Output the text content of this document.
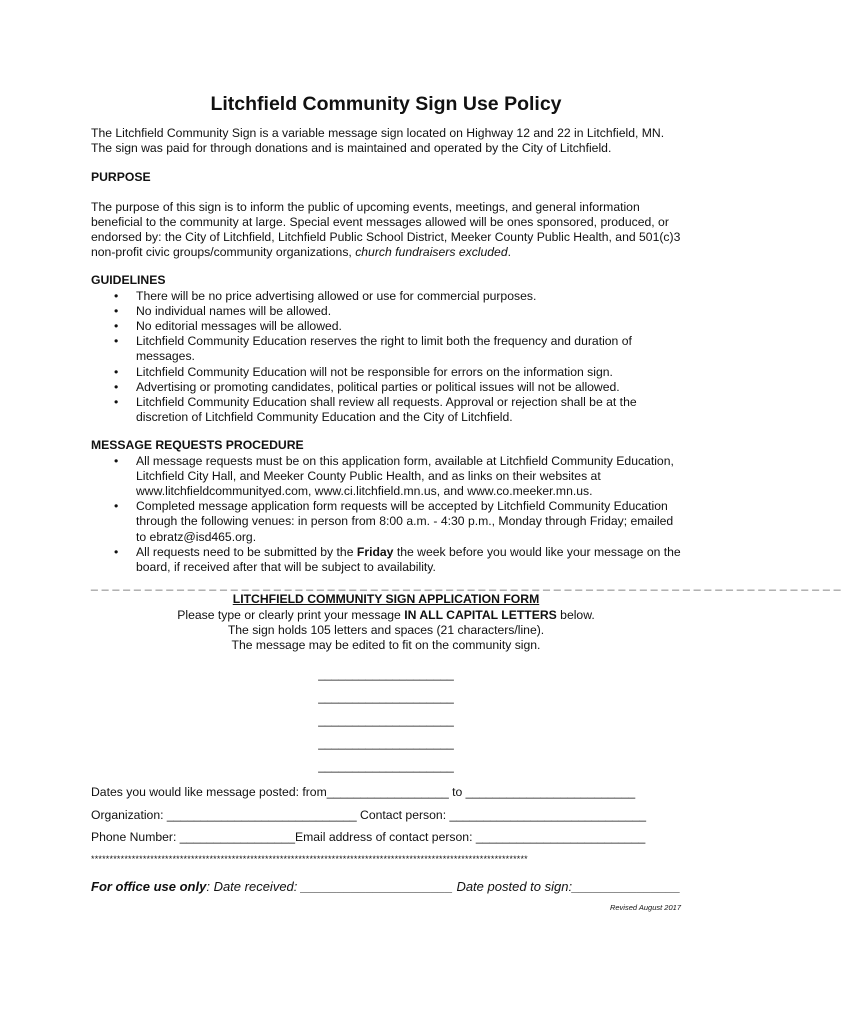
Litchfield Community Sign Use Policy

The Litchfield Community Sign is a variable message sign located on Highway 12 and 22 in Litchfield, MN. The sign was paid for through donations and is maintained and operated by the City of Litchfield.

PURPOSE

The purpose of this sign is to inform the public of upcoming events, meetings, and general information beneficial to the community at large. Special event messages allowed will be ones sponsored, produced, or endorsed by: the City of Litchfield, Litchfield Public School District, Meeker County Public Health, and 501(c)3 non-profit civic groups/community organizations, church fundraisers excluded.

GUIDELINES

• There will be no price advertising allowed or use for commercial purposes.
• No individual names will be allowed.
• No editorial messages will be allowed.
• Litchfield Community Education reserves the right to limit both the frequency and duration of messages.
• Litchfield Community Education will not be responsible for errors on the information sign.
• Advertising or promoting candidates, political parties or political issues will not be allowed.
• Litchfield Community Education shall review all requests. Approval or rejection shall be at the discretion of Litchfield Community Education and the City of Litchfield.

MESSAGE REQUESTS PROCEDURE

• All message requests must be on this application form, available at Litchfield Community Education, Litchfield City Hall, and Meeker County Public Health, and as links on their websites at www.litchfieldcommunityed.com, www.ci.litchfield.mn.us, and www.co.meeker.mn.us.
• Completed message application form requests will be accepted by Litchfield Community Education through the following venues: in person from 8:00 a.m. - 4:30 p.m., Monday through Friday; emailed to ebratz@isd465.org.
• All requests need to be submitted by the Friday the week before you would like your message on the board, if received after that will be subject to availability.
_ _ _ _ _ _ _ _ _ _ _ _ _ _ _ _ _ _ _ _ _ _ _ _ _ _ _ _ _ _ _ _ _ _ _ _ _ _ _ _ _ _ _ _ _ _ _ _ _ _ _ _ _ _ _ _ _ _ _ _ _ _ _ _ _ _ _ _ _ _

LITCHFIELD COMMUNITY SIGN APPLICATION FORM

Please type or clearly print your message IN ALL CAPITAL LETTERS below.

The sign holds 105 letters and spaces (21 characters/line).

The message may be edited to fit on the community sign.

____________________
____________________
____________________
____________________
____________________

Dates you would like message posted: from__________________ to _________________________

Organization: ____________________________ Contact person: _____________________________

Phone Number: _________________Email address of contact person: _________________________

**********************************************************************************************************************

For office use only: Date received: _____________________ Date posted to sign:_______________

Revised August 2017
